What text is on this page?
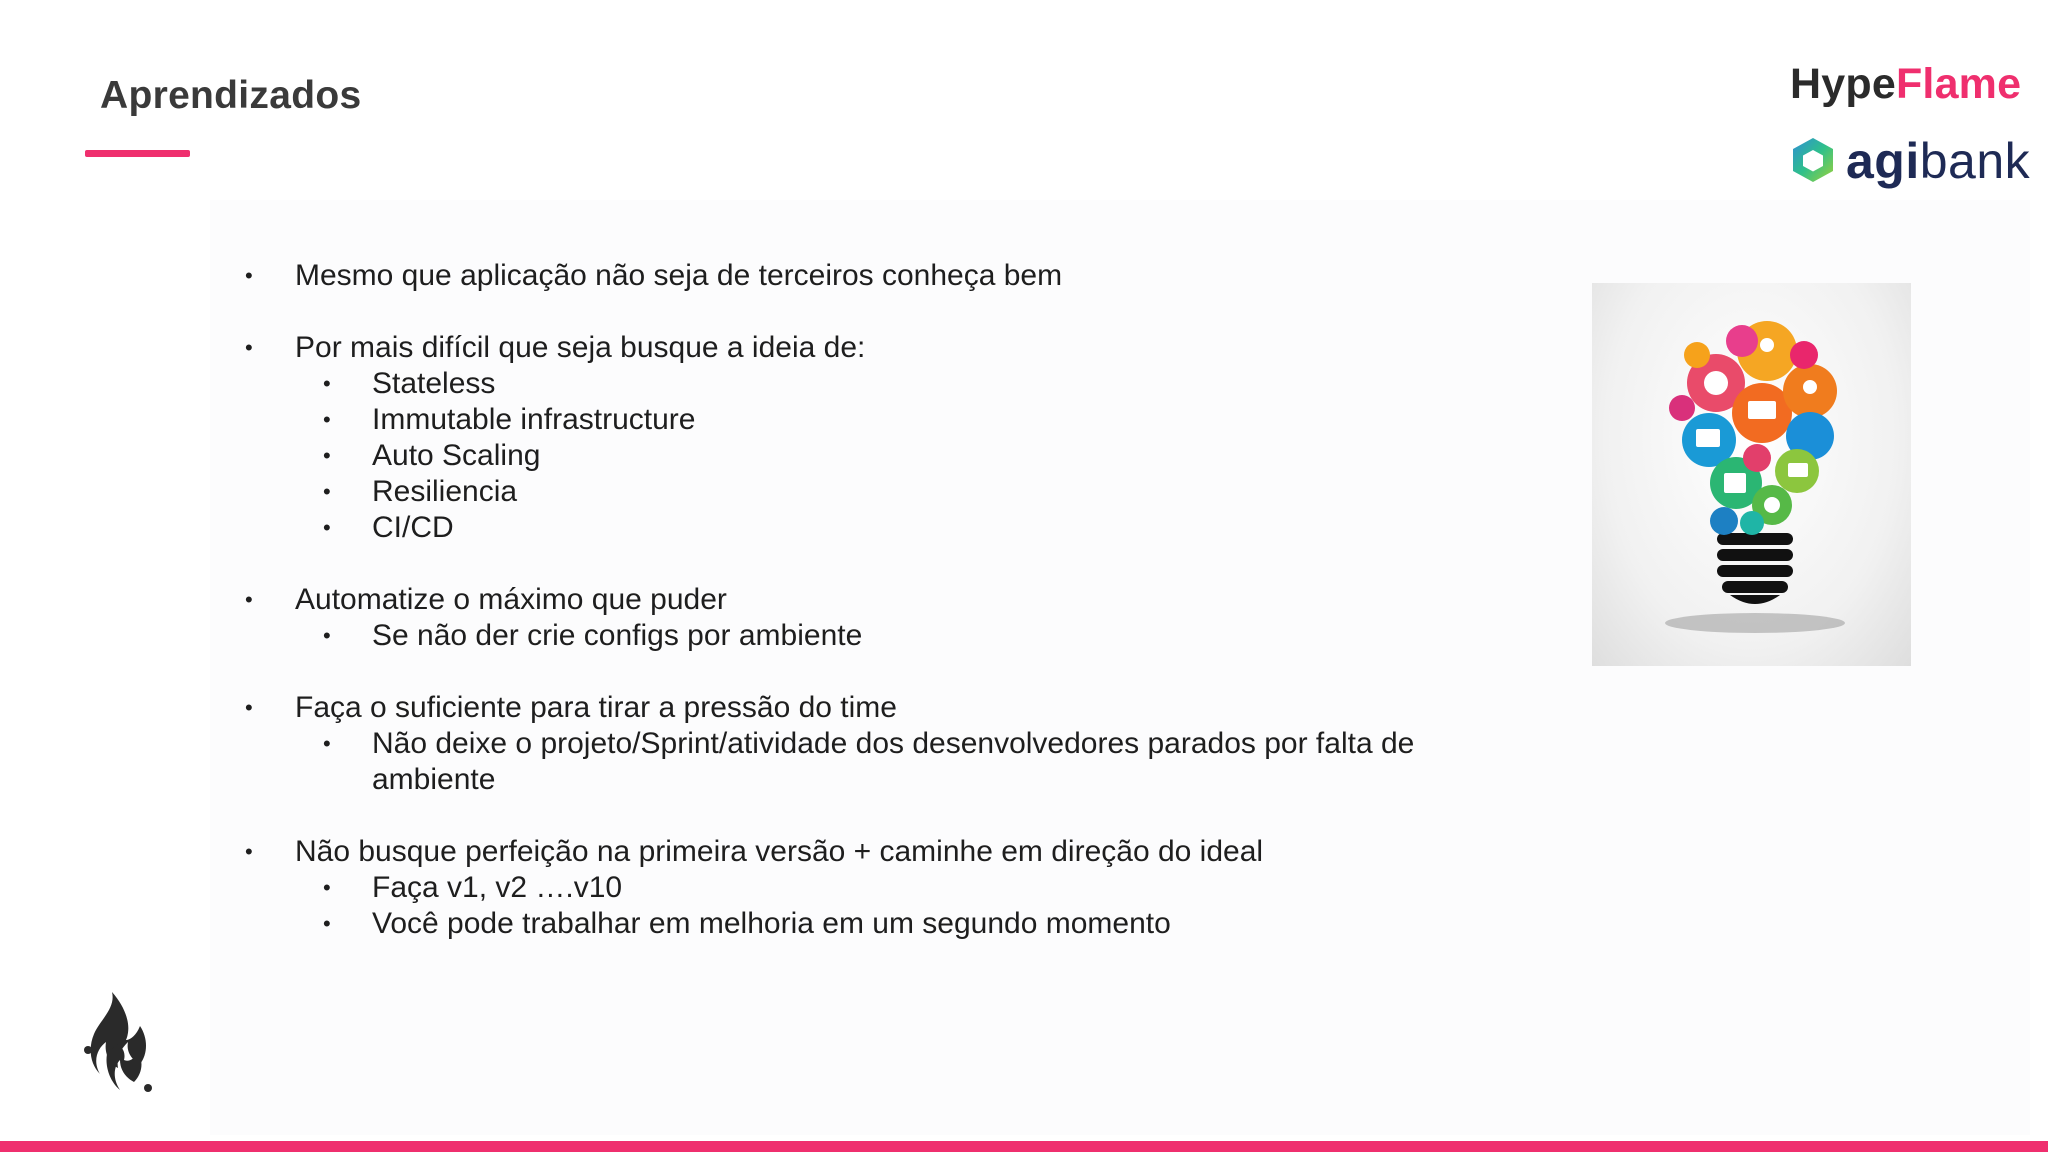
Aprendizados	HypeFlame
agibank
• Mesmo que aplicação não seja de terceiros conheça bem
• Por mais difícil que seja busque a ideia de:
• Stateless
• Immutable infrastructure
• Auto Scaling
• Resiliencia
• CI/CD
• Automatize o máximo que puder
• Se não der crie configs por ambiente
• Faça o suficiente para tirar a pressão do time
• Não deixe o projeto/Sprint/atividade dos desenvolvedores parados por falta de ambiente
• Não busque perfeição na primeira versão + caminhe em direção do ideal
• Faça v1, v2 ….v10
• Você pode trabalhar em melhoria em um segundo momento
